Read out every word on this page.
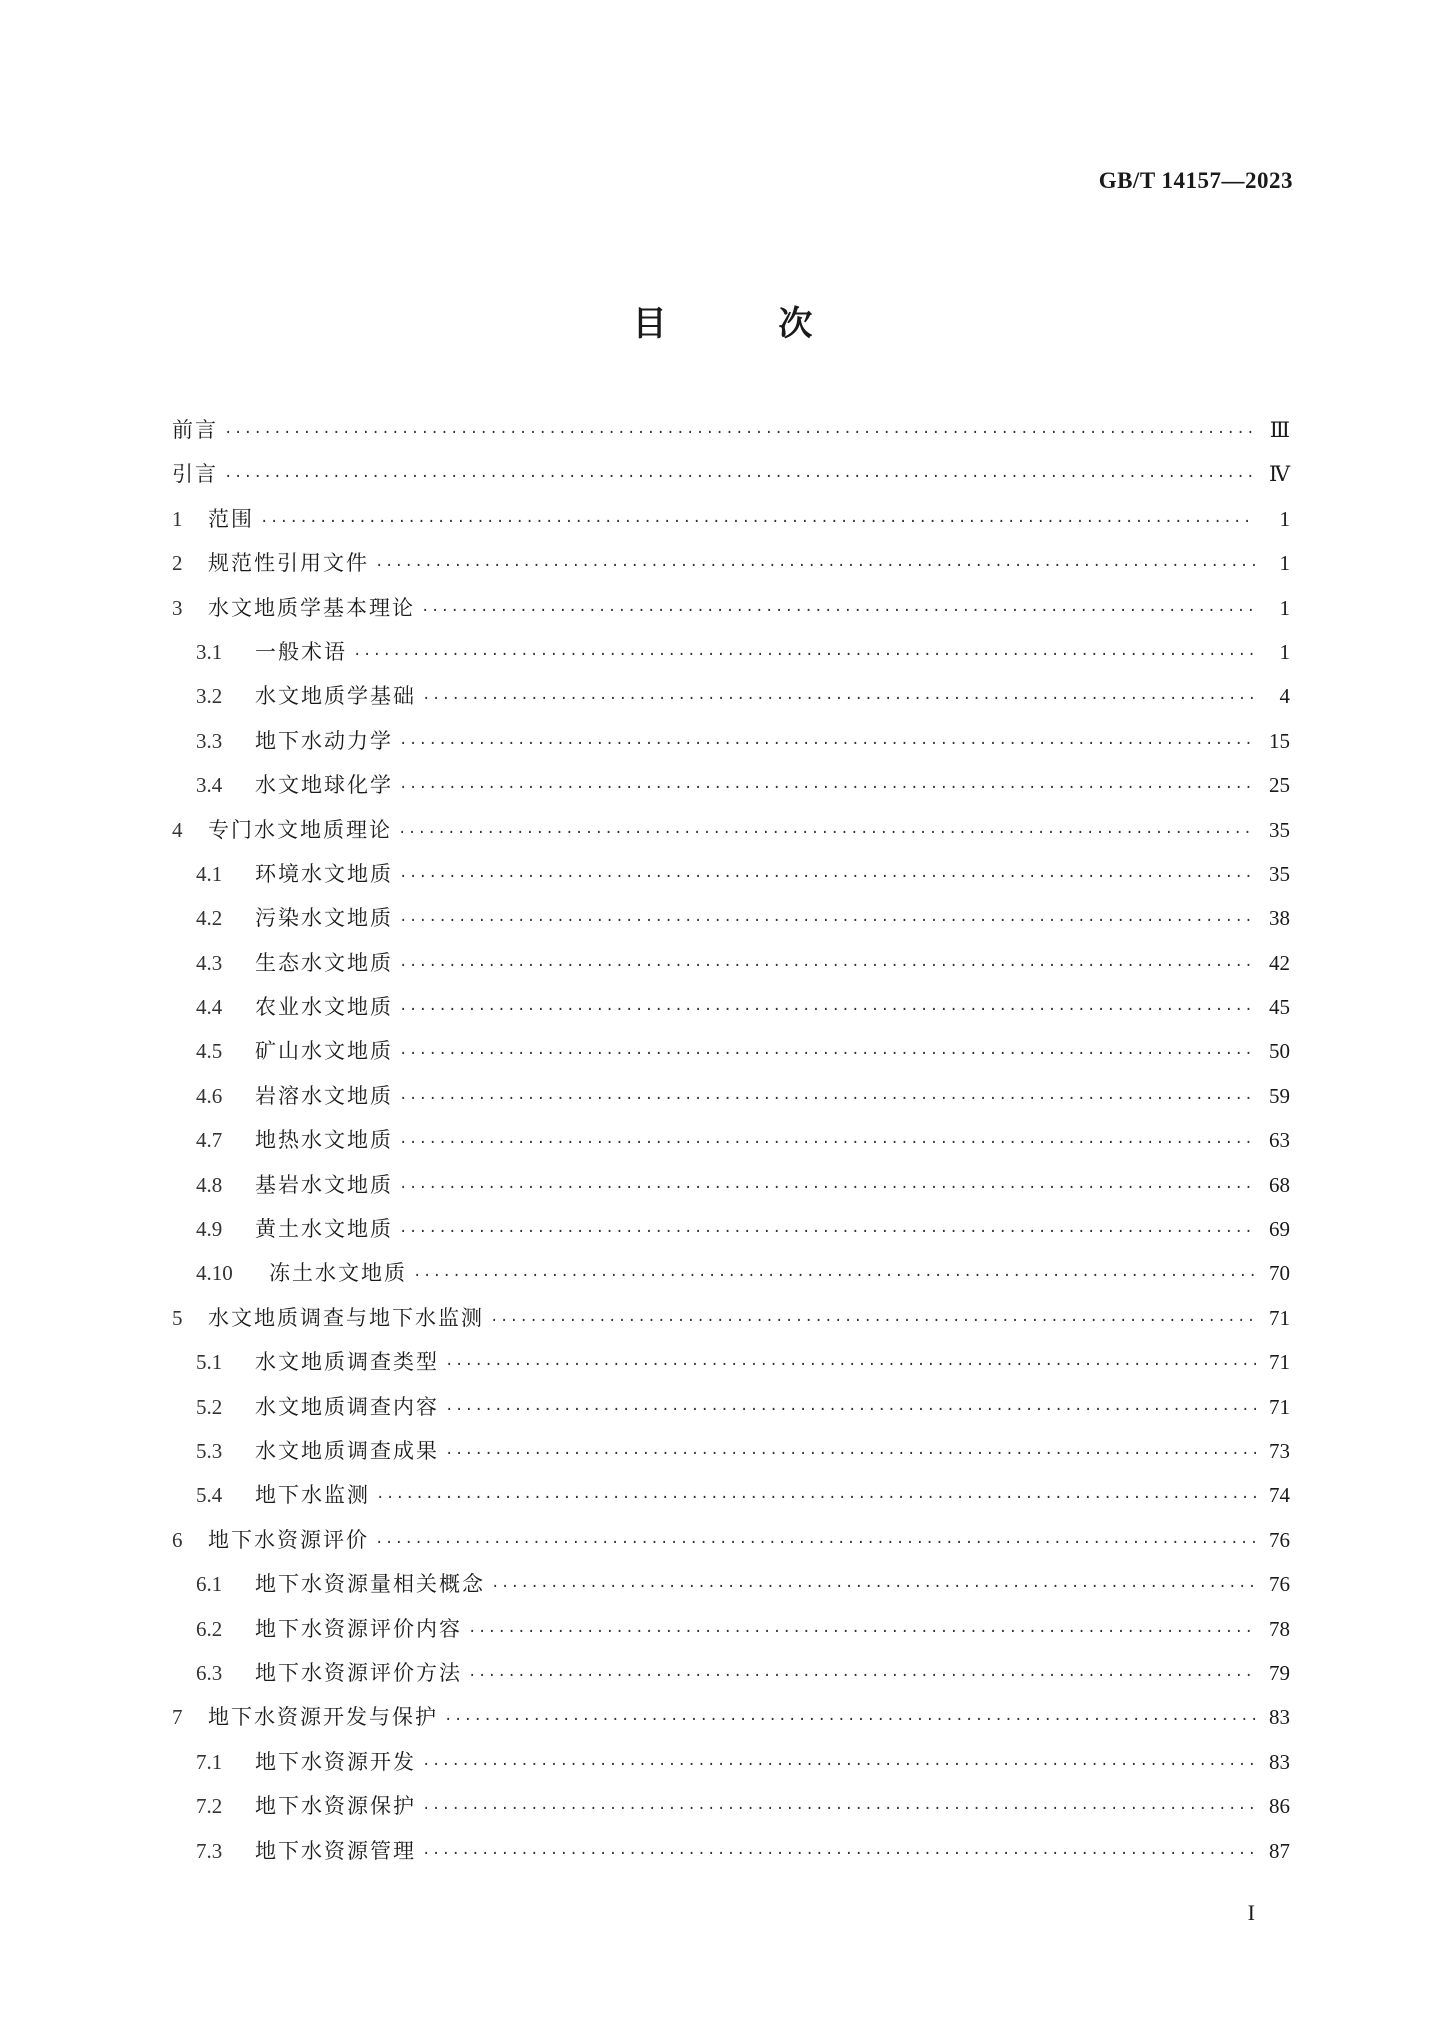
GB/T 14157—2023
目 次
前言 ·····	Ⅲ
引言 ·····	Ⅳ
1	范围 ·····	1
2	规范性引用文件 ·····	1
3	水文地质学基本理论 ·····	1
3.1	一般术语 ·····	1
3.2	水文地质学基础 ·····	4
3.3	地下水动力学 ·····	15
3.4	水文地球化学 ·····	25
4	专门水文地质理论 ·····	35
4.1	环境水文地质 ·····	35
4.2	污染水文地质 ·····	38
4.3	生态水文地质 ·····	42
4.4	农业水文地质 ·····	45
4.5	矿山水文地质 ·····	50
4.6	岩溶水文地质 ·····	59
4.7	地热水文地质 ·····	63
4.8	基岩水文地质 ·····	68
4.9	黄土水文地质 ·····	69
4.10	冻土水文地质 ·····	70
5	水文地质调查与地下水监测 ·····	71
5.1	水文地质调查类型 ·····	71
5.2	水文地质调查内容 ·····	71
5.3	水文地质调查成果 ·····	73
5.4	地下水监测 ·····	74
6	地下水资源评价 ·····	76
6.1	地下水资源量相关概念 ·····	76
6.2	地下水资源评价内容 ·····	78
6.3	地下水资源评价方法 ·····	79
7	地下水资源开发与保护 ·····	83
7.1	地下水资源开发 ·····	83
7.2	地下水资源保护 ·····	86
7.3	地下水资源管理 ·····	87
I
